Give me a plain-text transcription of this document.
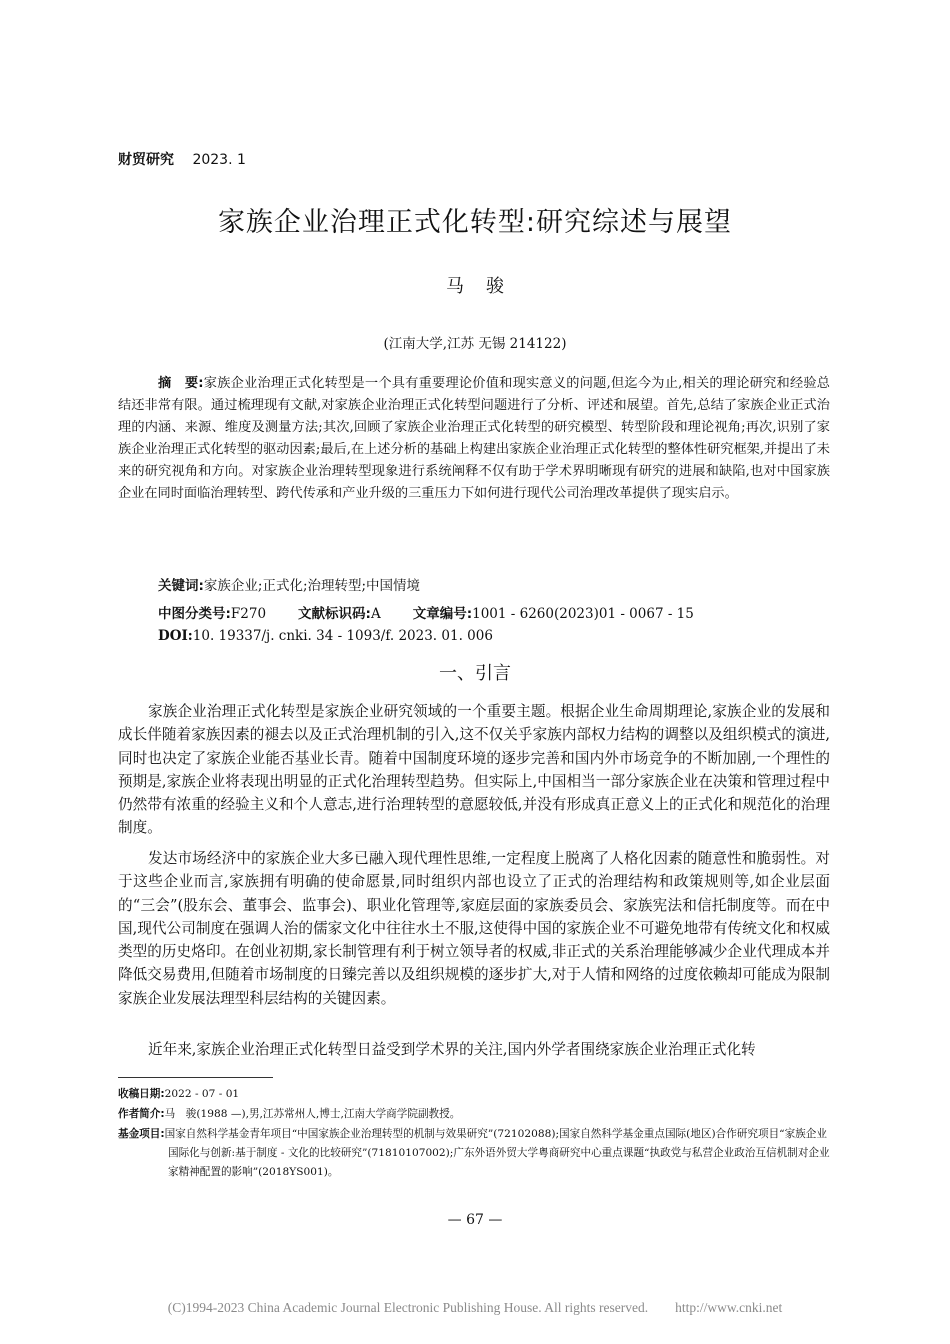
财贸研究 2023. 1
家族企业治理正式化转型:研究综述与展望
马骏
(江南大学,江苏 无锡 214122)
摘　要:家族企业治理正式化转型是一个具有重要理论价值和现实意义的问题,但迄今为止,相关的理论研究和经验总结还非常有限。通过梳理现有文献,对家族企业治理正式化转型问题进行了分析、评述和展望。首先,总结了家族企业正式治理的内涵、来源、维度及测量方法;其次,回顾了家族企业治理正式化转型的研究模型、转型阶段和理论视角;再次,识别了家族企业治理正式化转型的驱动因素;最后,在上述分析的基础上构建出家族企业治理正式化转型的整体性研究框架,并提出了未来的研究视角和方向。对家族企业治理转型现象进行系统阐释不仅有助于学术界明晰现有研究的进展和缺陷,也对中国家族企业在同时面临治理转型、跨代传承和产业升级的三重压力下如何进行现代公司治理改革提供了现实启示。
关键词:家族企业;正式化;治理转型;中国情境
中图分类号:F270 文献标识码:A 文章编号:1001 - 6260(2023)01 - 0067 - 15
DOI:10. 19337/j. cnki. 34 - 1093/f. 2023. 01. 006
一、引言
家族企业治理正式化转型是家族企业研究领域的一个重要主题。根据企业生命周期理论,家族企业的发展和成长伴随着家族因素的褪去以及正式治理机制的引入,这不仅关乎家族内部权力结构的调整以及组织模式的演进,同时也决定了家族企业能否基业长青。随着中国制度环境的逐步完善和国内外市场竞争的不断加剧,一个理性的预期是,家族企业将表现出明显的正式化治理转型趋势。但实际上,中国相当一部分家族企业在决策和管理过程中仍然带有浓重的经验主义和个人意志,进行治理转型的意愿较低,并没有形成真正意义上的正式化和规范化的治理制度。
发达市场经济中的家族企业大多已融入现代理性思维,一定程度上脱离了人格化因素的随意性和脆弱性。对于这些企业而言,家族拥有明确的使命愿景,同时组织内部也设立了正式的治理结构和政策规则等,如企业层面的“三会”(股东会、董事会、监事会)、职业化管理等,家庭层面的家族委员会、家族宪法和信托制度等。而在中国,现代公司制度在强调人治的儒家文化中往往水土不服,这使得中国的家族企业不可避免地带有传统文化和权威类型的历史烙印。在创业初期,家长制管理有利于树立领导者的权威,非正式的关系治理能够减少企业代理成本并降低交易费用,但随着市场制度的日臻完善以及组织规模的逐步扩大,对于人情和网络的过度依赖却可能成为限制家族企业发展法理型科层结构的关键因素。
近年来,家族企业治理正式化转型日益受到学术界的关注,国内外学者围绕家族企业治理正式化转
收稿日期:2022 - 07 - 01
作者简介:马　骏(1988 —),男,江苏常州人,博士,江南大学商学院副教授。
基金项目:国家自然科学基金青年项目“中国家族企业治理转型的机制与效果研究”(72102088);国家自然科学基金重点国际(地区)合作研究项目“家族企业国际化与创新:基于制度 - 文化的比较研究”(71810107002);广东外语外贸大学粤商研究中心重点课题“执政党与私营企业政治互信机制对企业家精神配置的影响”(2018YS001)。
— 67 —
(C)1994-2023 China Academic Journal Electronic Publishing House. All rights reserved.　　http://www.cnki.net
